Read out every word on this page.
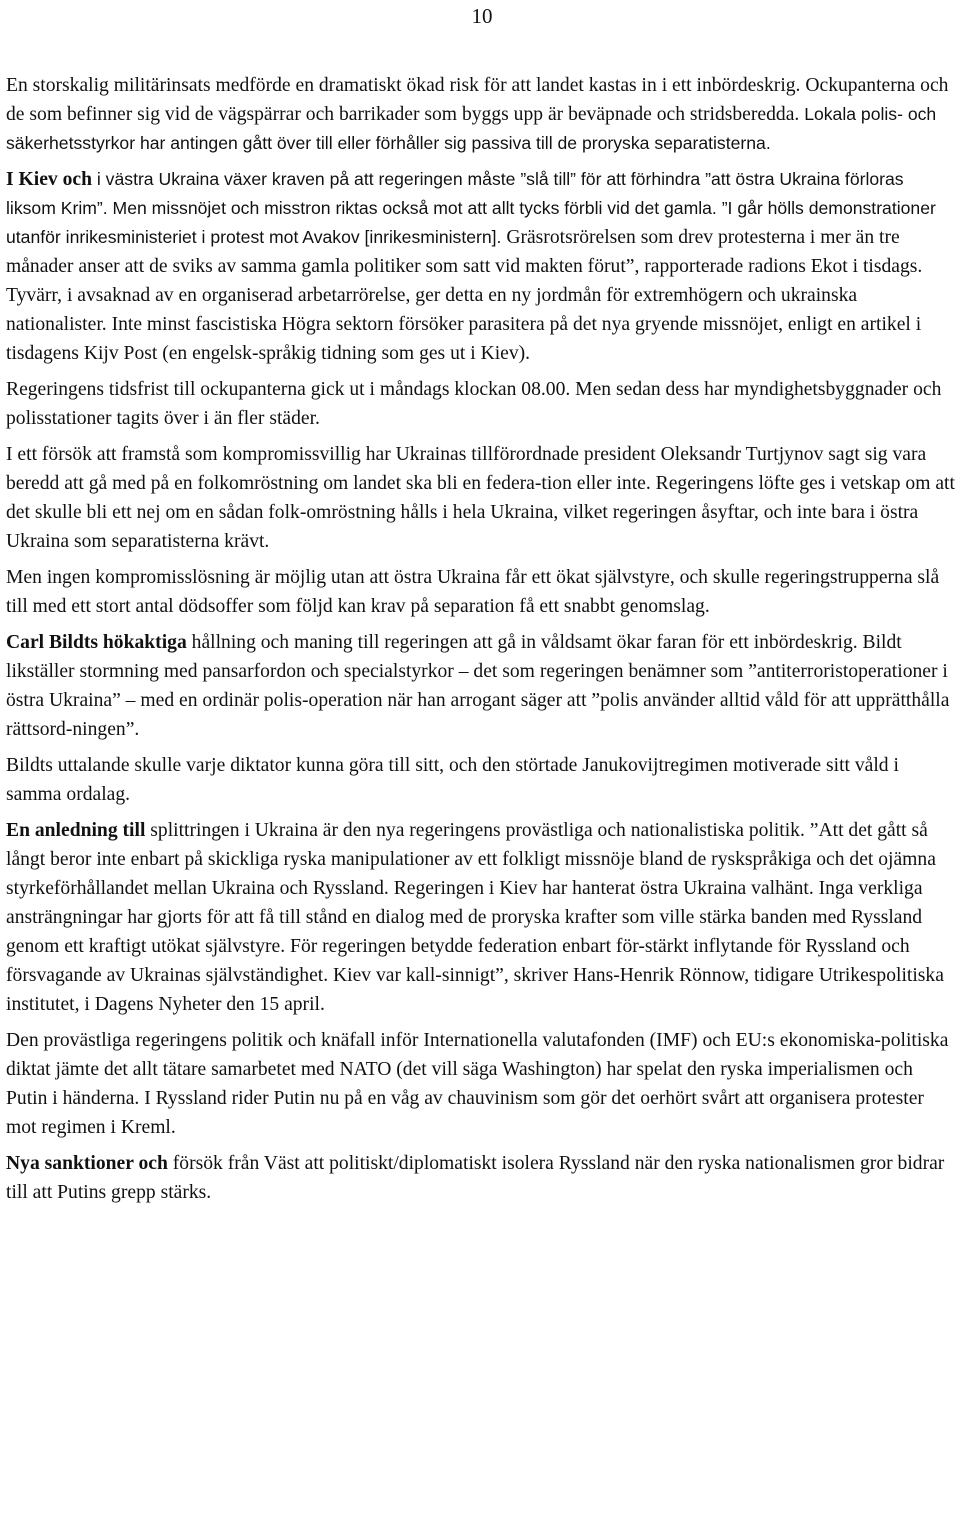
10

En storskalig militärinsats medförde en dramatiskt ökad risk för att landet kastas in i ett inbördeskrig. Ockupanterna och de som befinner sig vid de vägspärrar och barrikader som byggs upp är beväpnade och stridsberedda. Lokala polis- och säkerhetsstyrkor har antingen gått över till eller förhåller sig passiva till de proryska separatisterna.

I Kiev och i västra Ukraina växer kraven på att regeringen måste ”slå till” för att förhindra ”att östra Ukraina förloras liksom Krim”. Men missnöjet och misstron riktas också mot att allt tycks förbli vid det gamla. ”I går hölls demonstrationer utanför inrikesministeriet i protest mot Avakov [inrikesministern]. Gräsrotsrörelsen som drev protesterna i mer än tre månader anser att de sviks av samma gamla politiker som satt vid makten förut”, rapporterade radions Ekot i tisdags. Tyvärr, i avsaknad av en organiserad arbetarrörelse, ger detta en ny jordmån för extremhögern och ukrainska nationalister. Inte minst fascistiska Högra sektorn försöker parasitera på det nya gryende missnöjet, enligt en artikel i tisdagens Kijv Post (en engelsk-språkig tidning som ges ut i Kiev).

Regeringens tidsfrist till ockupanterna gick ut i måndags klockan 08.00. Men sedan dess har myndighetsbyggnader och polisstationer tagits över i än fler städer.

I ett försök att framstå som kompromissvillig har Ukrainas tillförordnade president Oleksandr Turtjynov sagt sig vara beredd att gå med på en folkomröstning om landet ska bli en federa-tion eller inte. Regeringens löfte ges i vetskap om att det skulle bli ett nej om en sådan folk-omröstning hålls i hela Ukraina, vilket regeringen åsyftar, och inte bara i östra Ukraina som separatisterna krävt.

Men ingen kompromisslösning är möjlig utan att östra Ukraina får ett ökat självstyre, och skulle regeringstrupperna slå till med ett stort antal dödsoffer som följd kan krav på separation få ett snabbt genomslag.

Carl Bildts hökaktiga hållning och maning till regeringen att gå in våldsamt ökar faran för ett inbördeskrig. Bildt likställer stormning med pansarfordon och specialstyrkor – det som regeringen benämner som ”antiterroristoperationer i östra Ukraina” – med en ordinär polis-operation när han arrogant säger att ”polis använder alltid våld för att upprätthålla rättsord-ningen”.

Bildts uttalande skulle varje diktator kunna göra till sitt, och den störtade Janukovijtregimen motiverade sitt våld i samma ordalag.

En anledning till splittringen i Ukraina är den nya regeringens provästliga och nationalistiska politik. ”Att det gått så långt beror inte enbart på skickliga ryska manipulationer av ett folkligt missnöje bland de ryskspråkiga och det ojämna styrkeförhållandet mellan Ukraina och Ryssland. Regeringen i Kiev har hanterat östra Ukraina valhänt. Inga verkliga ansträngningar har gjorts för att få till stånd en dialog med de proryska krafter som ville stärka banden med Ryssland genom ett kraftigt utökat självstyre. För regeringen betydde federation enbart för-stärkt inflytande för Ryssland och försvagande av Ukrainas självständighet. Kiev var kall-sinnigt”, skriver Hans-Henrik Rönnow, tidigare Utrikespolitiska institutet, i Dagens Nyheter den 15 april.

Den provästliga regeringens politik och knäfall inför Internationella valutafonden (IMF) och EU:s ekonomiska-politiska diktat jämte det allt tätare samarbetet med NATO (det vill säga Washington) har spelat den ryska imperialismen och Putin i händerna. I Ryssland rider Putin nu på en våg av chauvinism som gör det oerhört svårt att organisera protester mot regimen i Kreml.

Nya sanktioner och försök från Väst att politiskt/diplomatiskt isolera Ryssland när den ryska nationalismen gror bidrar till att Putins grepp stärks.
